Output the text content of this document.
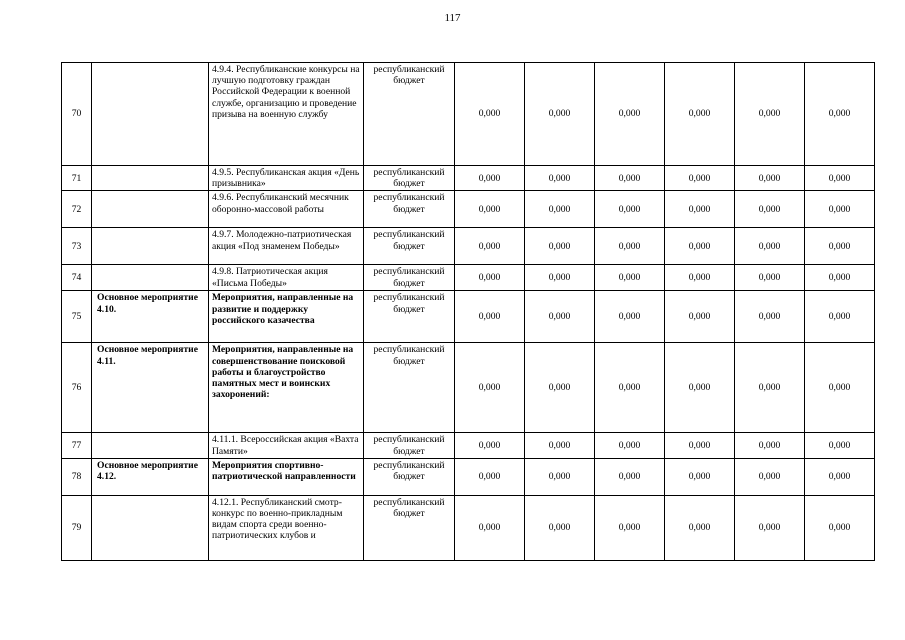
117
70		4.9.4. Республиканские конкурсы на лучшую подготовку граждан Российской Федерации к военной службе, организацию и проведение призыва на военную службу	республиканский бюджет	0,000	0,000	0,000	0,000	0,000	0,000
71		4.9.5. Республиканская акция «День призывника»	республиканский бюджет	0,000	0,000	0,000	0,000	0,000	0,000
72		4.9.6. Республиканский месячник оборонно-массовой работы	республиканский бюджет	0,000	0,000	0,000	0,000	0,000	0,000
73		4.9.7. Молодежно-патриотическая акция «Под знаменем Победы»	республиканский бюджет	0,000	0,000	0,000	0,000	0,000	0,000
74		4.9.8. Патриотическая акция «Письма Победы»	республиканский бюджет	0,000	0,000	0,000	0,000	0,000	0,000
75	Основное мероприятие 4.10.	Мероприятия, направленные на развитие и поддержку российского казачества	республиканский бюджет	0,000	0,000	0,000	0,000	0,000	0,000
76	Основное мероприятие 4.11.	Мероприятия, направленные на совершенствование поисковой работы и благоустройство памятных мест и воинских захоронений:	республиканский бюджет	0,000	0,000	0,000	0,000	0,000	0,000
77		4.11.1. Всероссийская акция «Вахта Памяти»	республиканский бюджет	0,000	0,000	0,000	0,000	0,000	0,000
78	Основное мероприятие 4.12.	Мероприятия спортивно-патриотической направленности	республиканский бюджет	0,000	0,000	0,000	0,000	0,000	0,000
79		4.12.1. Республиканский смотр-конкурс по военно-прикладным видам спорта среди военно-патриотических клубов и	республиканский бюджет	0,000	0,000	0,000	0,000	0,000	0,000
